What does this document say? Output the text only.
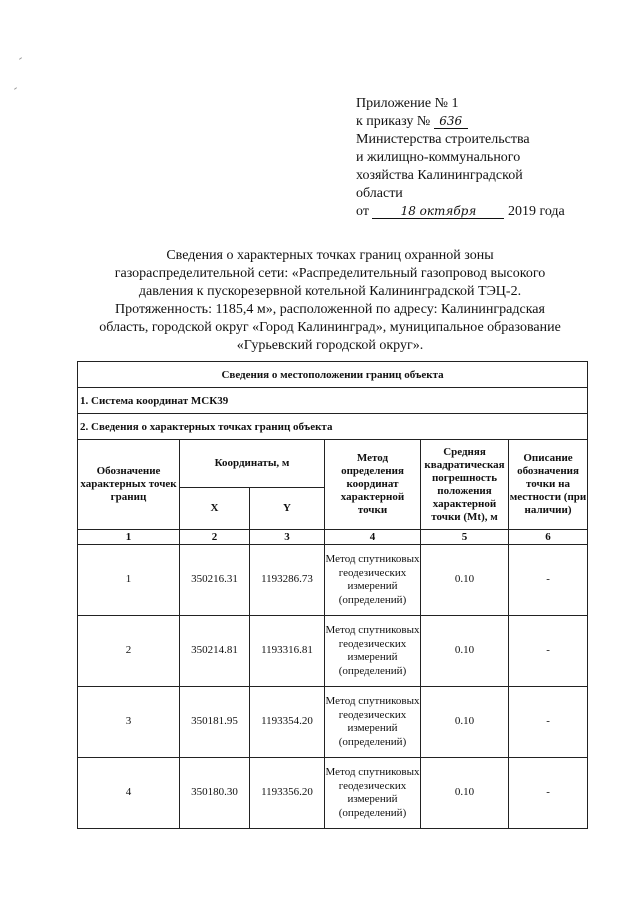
Приложение № 1
к приказу № 636
Министерства строительства
и жилищно-коммунального
хозяйства Калининградской
области
от	18 октября 2019 года
Сведения о характерных точках границ охранной зоны
газораспределительной сети: «Распределительный газопровод высокого
давления к пускорезервной котельной Калининградской ТЭЦ-2.
Протяженность: 1185,4 м», расположенной по адресу: Калининградская
область, городской округ «Город Калининград», муниципальное образование
«Гурьевский городской округ».
Сведения о местоположении границ объекта					
1. Система координат МСК39					
2. Сведения о характерных точках границ объекта					
Обозначение характерных точек границ	Координаты, м		Метод определения координат характерной точки	Средняя квадратическая погрешность положения характерной точки (Mt), м	Описание обозначения точки на местности (при наличии)
	X	Y			
1	2	3	4	5	6
1	350216.31	1193286.73	Метод спутниковых геодезических измерений (определений)	0.10	-
2	350214.81	1193316.81	Метод спутниковых геодезических измерений (определений)	0.10	-
3	350181.95	1193354.20	Метод спутниковых геодезических измерений (определений)	0.10	-
4	350180.30	1193356.20	Метод спутниковых геодезических измерений (определений)	0.10	-
